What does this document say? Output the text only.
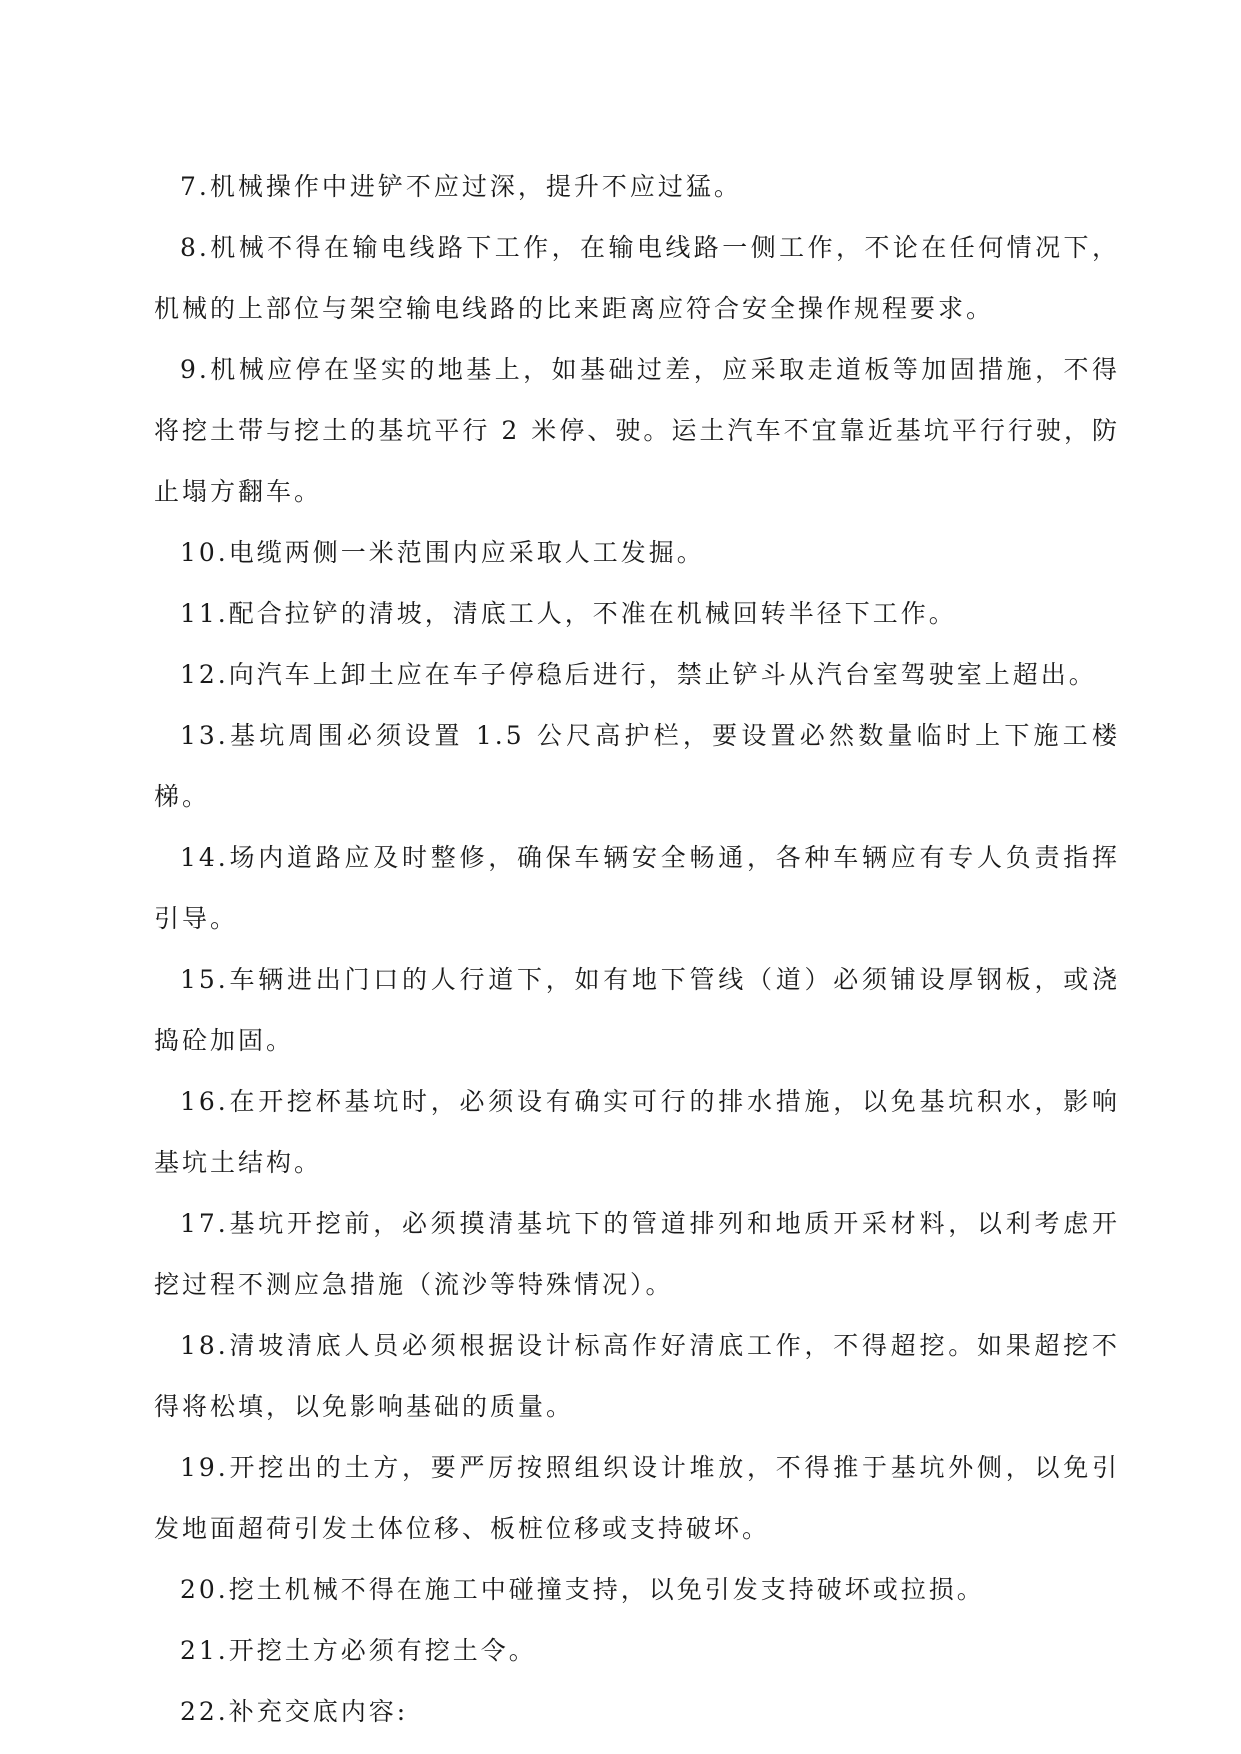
7.机械操作中进铲不应过深，提升不应过猛。

8.机械不得在输电线路下工作，在输电线路一侧工作，不论在任何情况下，机械的上部位与架空输电线路的比来距离应符合安全操作规程要求。

9.机械应停在坚实的地基上，如基础过差，应采取走道板等加固措施，不得将挖土带与挖土的基坑平行 2 米停、驶。运土汽车不宜靠近基坑平行行驶，防止塌方翻车。

10.电缆两侧一米范围内应采取人工发掘。

11.配合拉铲的清坡，清底工人，不准在机械回转半径下工作。

12.向汽车上卸土应在车子停稳后进行，禁止铲斗从汽台室驾驶室上超出。

13.基坑周围必须设置 1.5 公尺高护栏，要设置必然数量临时上下施工楼梯。

14.场内道路应及时整修，确保车辆安全畅通，各种车辆应有专人负责指挥引导。

15.车辆进出门口的人行道下，如有地下管线（道）必须铺设厚钢板，或浇捣砼加固。

16.在开挖杯基坑时，必须设有确实可行的排水措施，以免基坑积水，影响基坑土结构。

17.基坑开挖前，必须摸清基坑下的管道排列和地质开采材料，以利考虑开挖过程不测应急措施（流沙等特殊情况）。

18.清坡清底人员必须根据设计标高作好清底工作，不得超挖。如果超挖不得将松填，以免影响基础的质量。

19.开挖出的土方，要严厉按照组织设计堆放，不得推于基坑外侧，以免引发地面超荷引发土体位移、板桩位移或支持破坏。

20.挖土机械不得在施工中碰撞支持，以免引发支持破坏或拉损。

21.开挖土方必须有挖土令。

22.补充交底内容:
